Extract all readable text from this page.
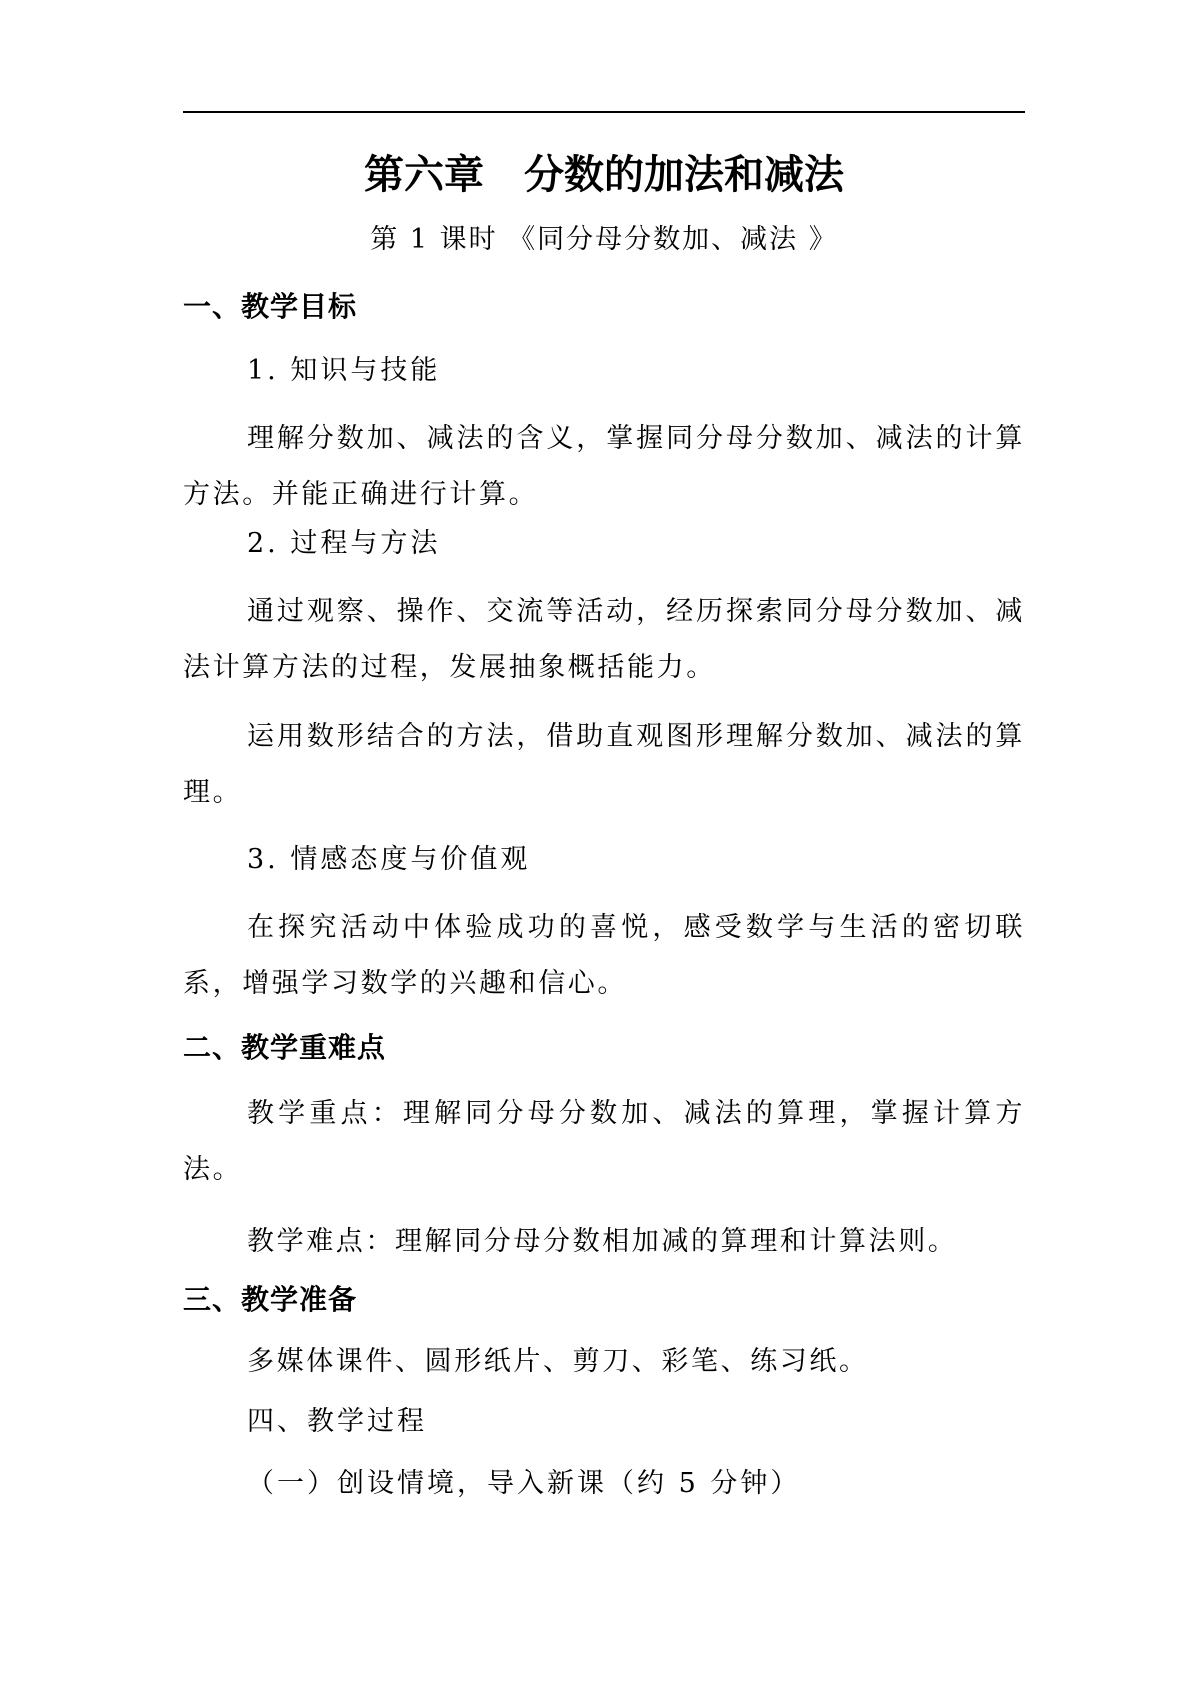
第六章　分数的加法和减法
第 1 课时 《同分母分数加、减法 》
一、教学目标
1. 知识与技能
理解分数加、减法的含义，掌握同分母分数加、减法的计算方法。并能正确进行计算。
2. 过程与方法
通过观察、操作、交流等活动，经历探索同分母分数加、减法计算方法的过程，发展抽象概括能力。
运用数形结合的方法，借助直观图形理解分数加、减法的算理。
3. 情感态度与价值观
在探究活动中体验成功的喜悦，感受数学与生活的密切联系，增强学习数学的兴趣和信心。
二、教学重难点
教学重点：理解同分母分数加、减法的算理，掌握计算方法。
教学难点：理解同分母分数相加减的算理和计算法则。
三、教学准备
多媒体课件、圆形纸片、剪刀、彩笔、练习纸。
四、教学过程
（一）创设情境，导入新课（约 5 分钟）
